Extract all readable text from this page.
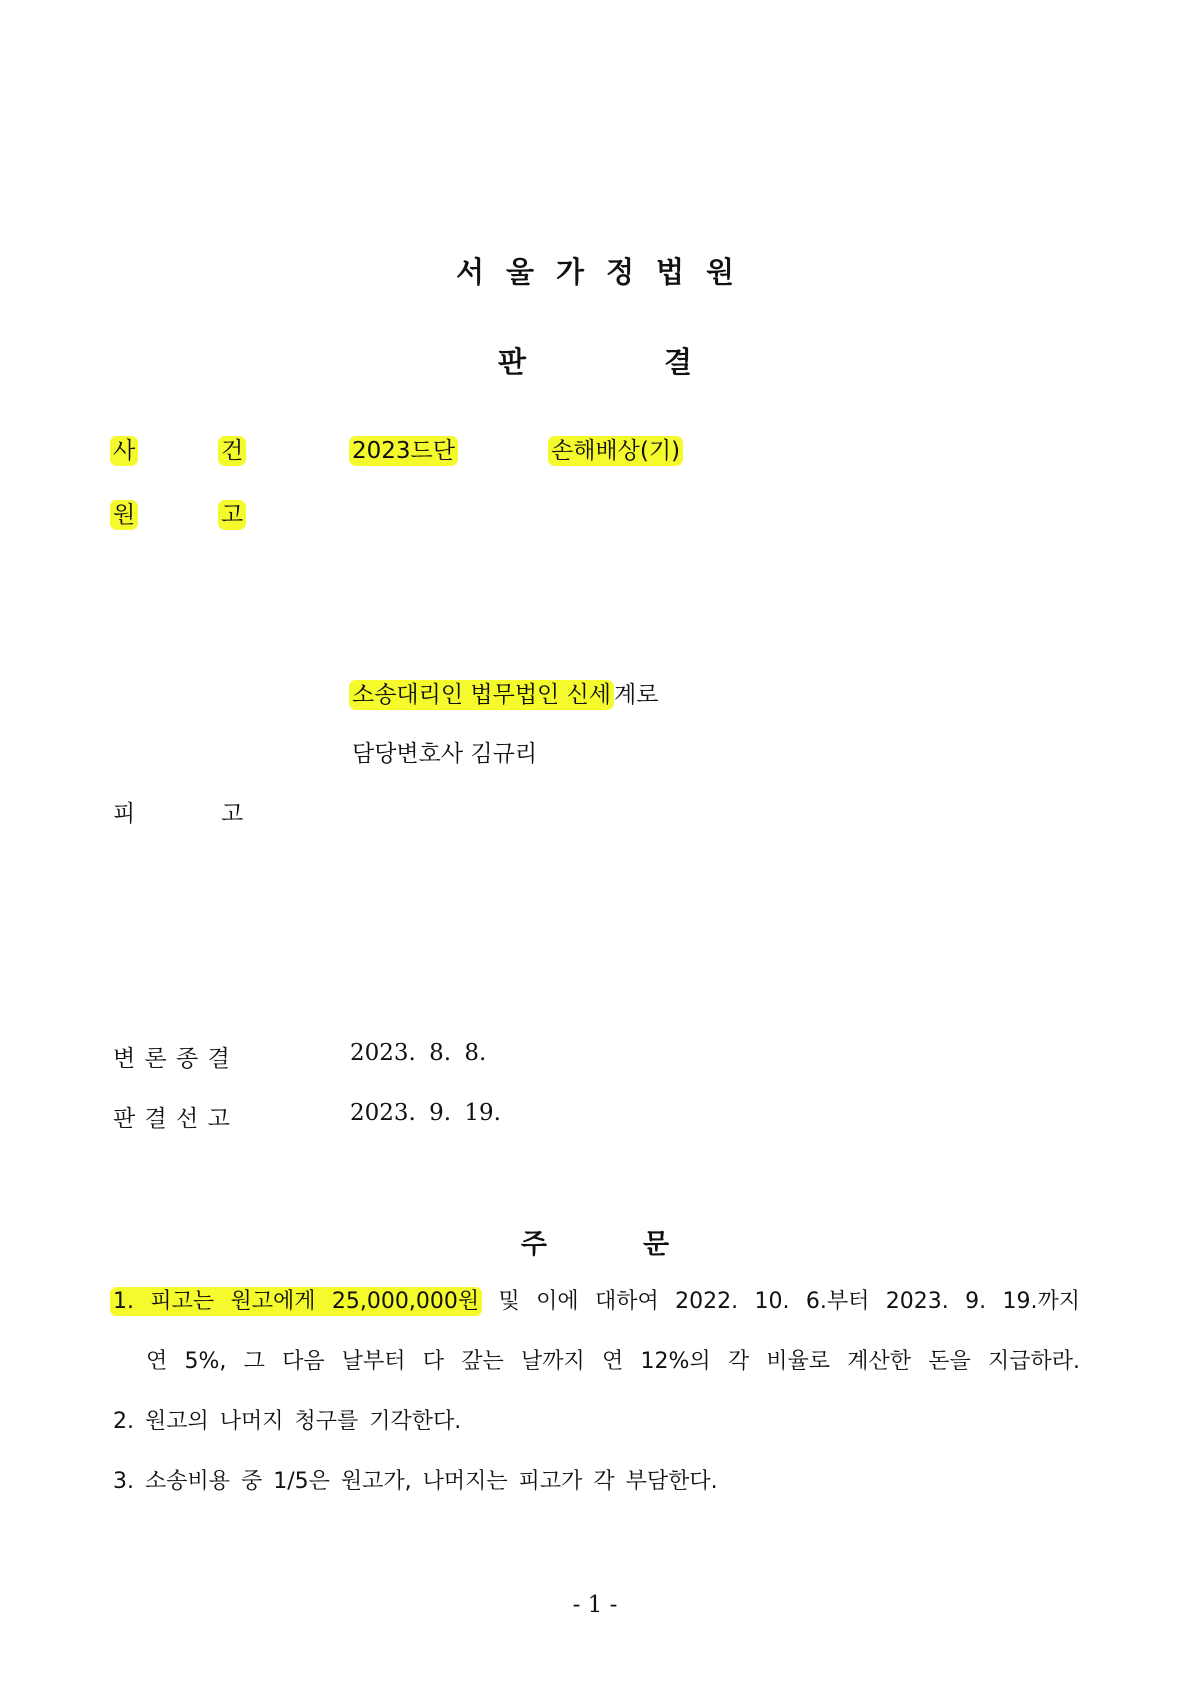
서 울 가 정 법 원
판	결
사	건	2023드단	손해배상(기)
원	고
소송대리인 법무법인 신세 계로
담당변호사 김규리
피	고
변 론 종 결	2023. 8. 8.
판 결 선 고	2023. 9. 19.
주	문
1. 피고는 원고에게 25,000,000원 및 이에 대하여 2022. 10. 6.부터 2023. 9. 19.까지
연 5%, 그 다음 날부터 다 갚는 날까지 연 12%의 각 비율로 계산한 돈을 지급하라.
2. 원고의 나머지 청구를 기각한다.
3. 소송비용 중 1/5은 원고가, 나머지는 피고가 각 부담한다.
- 1 -
